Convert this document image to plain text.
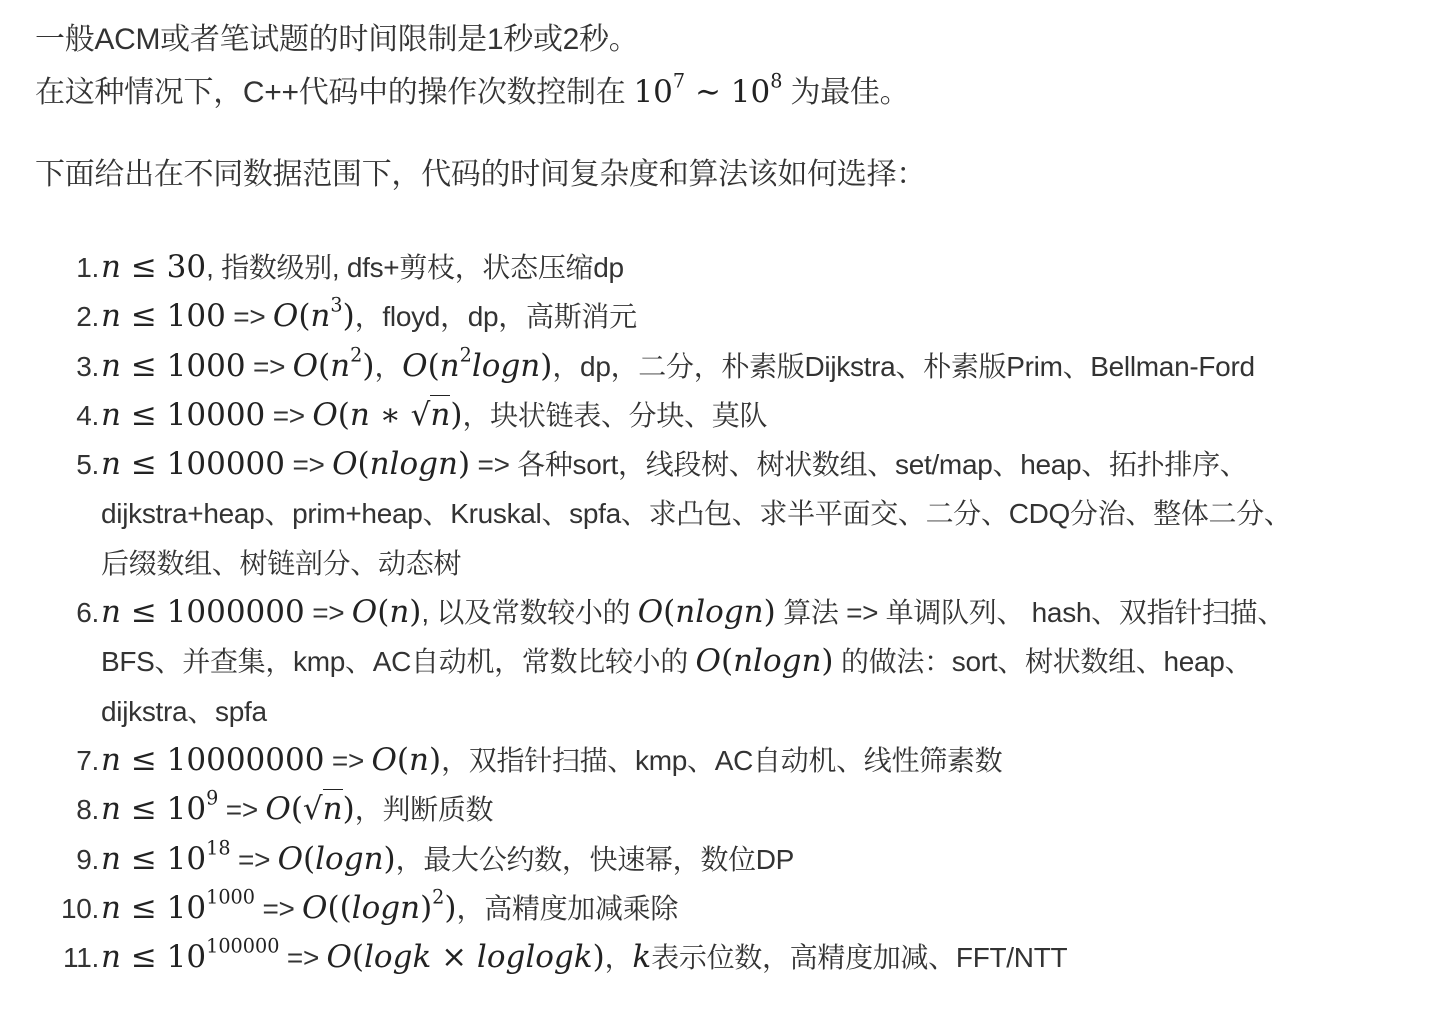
一般ACM或者笔试题的时间限制是1秒或2秒。

在这种情况下，C++代码中的操作次数控制在 $10^7$ ∼ $10^8$ 为最佳。

下面给出在不同数据范围下，代码的时间复杂度和算法该如何选择：

1. n ≤ 30, 指数级别, dfs+剪枝，状态压缩dp
2. $n \le 100 => O(n^3)$，floyd，dp，高斯消元
3. $n \le 1000 => O(n^2)$，$O(n^2\log n)$，dp，二分，朴素版Dijkstra、朴素版Prim、Bellman-Ford
4. n ≤ 10000 => O(n ∗ √n)，块状链表、分块、莫队
5. n ≤ 100000 => O(nlogn) => 各种sort，线段树、树状数组、set/map、heap、拓扑排序、
dijkstra+heap、prim+heap、Kruskal、spfa、求凸包、求半平面交、二分、CDQ分治、整体二分、
后缀数组、树链剖分、动态树
6. n ≤ 1000000 => O(n), 以及常数较小的 O(nlogn) 算法 => 单调队列、 hash、双指针扫描、
BFS、并查集，kmp、AC自动机，常数比较小的 O(nlogn) 的做法：sort、树状数组、heap、
dijkstra、spfa
7. n ≤ 10000000 => O(n)，双指针扫描、kmp、AC自动机、线性筛素数
8. $n \le 10^9 => O(√n)$，判断质数
9. $n \le 10^{18} => O(\log n)$，最大公约数，快速幂，数位DP
10. $n \le 10^{1000} => O((\log n)^2)$，高精度加减乘除
11. $n \le 10^{100000} => O(\log k \times loglogk)$，k表示位数，高精度加减、FFT/NTT
